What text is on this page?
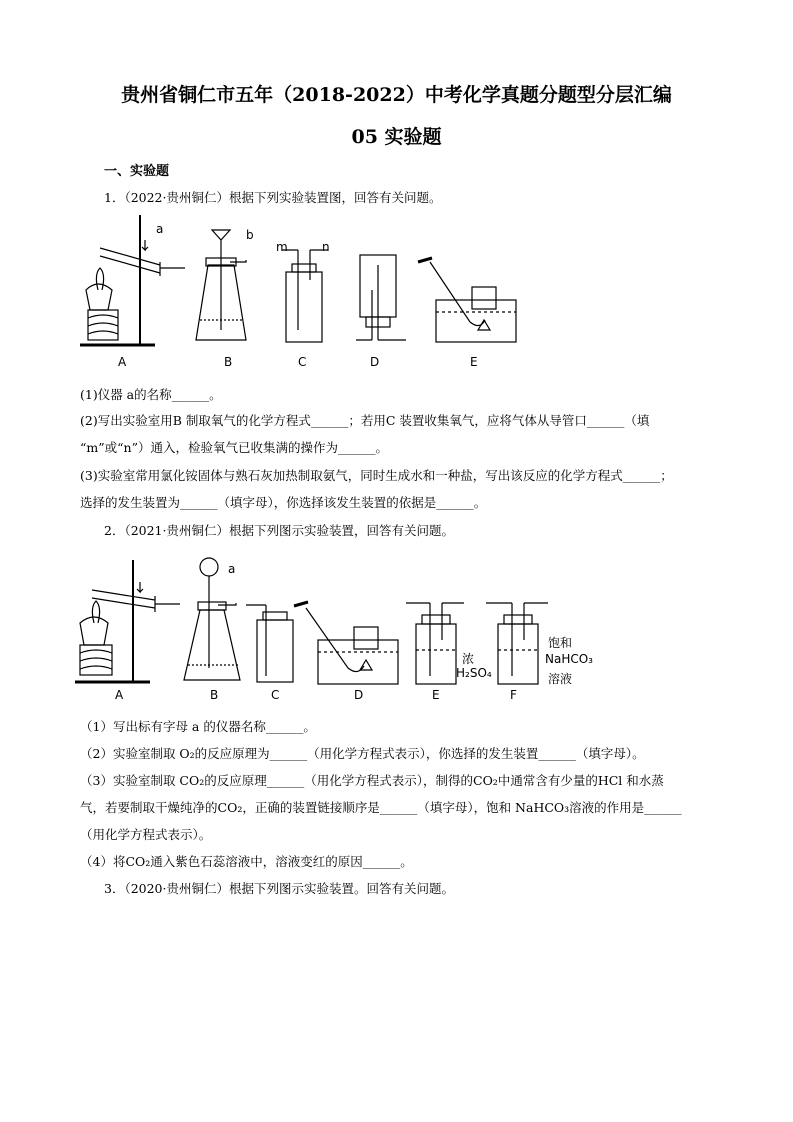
贵州省铜仁市五年（2018-2022）中考化学真题分题型分层汇编
05 实验题
一、实验题
1．（2022·贵州铜仁）根据下列实验装置图，回答有关问题。
a	b
m	n
A	B	C	D	E
(1)仪器 a的名称______。
(2)写出实验室用B 制取氧气的化学方程式______；若用C 装置收集氧气，应将气体从导管口______（填
“m”或“n”）通入，检验氧气已收集满的操作为______。
(3)实验室常用氯化铵固体与熟石灰加热制取氨气，同时生成水和一种盐，写出该反应的化学方程式______；
选择的发生装置为______（填字母），你选择该发生装置的依据是______。
2．（2021·贵州铜仁）根据下列图示实验装置，回答有关问题。
a
浓
H₂SO₄
饱和
NaHCO₃
溶液
A	B	C	D	E	F
（1）写出标有字母 a 的仪器名称______。
（2）实验室制取 O₂的反应原理为______（用化学方程式表示），你选择的发生装置______（填字母）。
（3）实验室制取 CO₂的反应原理______（用化学方程式表示），制得的CO₂中通常含有少量的HCl 和水蒸
气，若要制取干燥纯净的CO₂，正确的装置链接顺序是______（填字母），饱和 NaHCO₃溶液的作用是______
（用化学方程式表示）。
（4）将CO₂通入紫色石蕊溶液中，溶液变红的原因______。
3．（2020·贵州铜仁）根据下列图示实验装置。回答有关问题。
